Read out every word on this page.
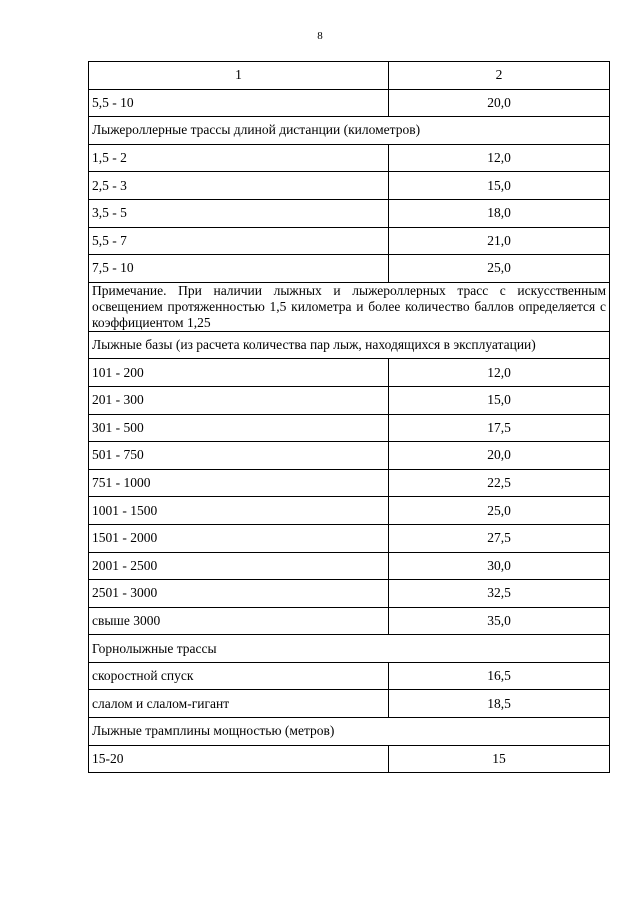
8
1	2
5,5 - 10	20,0
Лыжероллерные трассы длиной дистанции (километров)	
1,5 - 2	12,0
2,5 - 3	15,0
3,5 - 5	18,0
5,5 - 7	21,0
7,5 - 10	25,0
Примечание. При наличии лыжных и лыжероллерных трасс с искусственным освещением протяженностью 1,5 километра и более количество баллов определяется с коэффициентом 1,25	
Лыжные базы (из расчета количества пар лыж, находящихся в эксплуатации)	
101 - 200	12,0
201 - 300	15,0
301 - 500	17,5
501 - 750	20,0
751 - 1000	22,5
1001 - 1500	25,0
1501 - 2000	27,5
2001 - 2500	30,0
2501 - 3000	32,5
свыше 3000	35,0
Горнолыжные трассы	
скоростной спуск	16,5
слалом и слалом-гигант	18,5
Лыжные трамплины мощностью (метров)	
15-20	15
